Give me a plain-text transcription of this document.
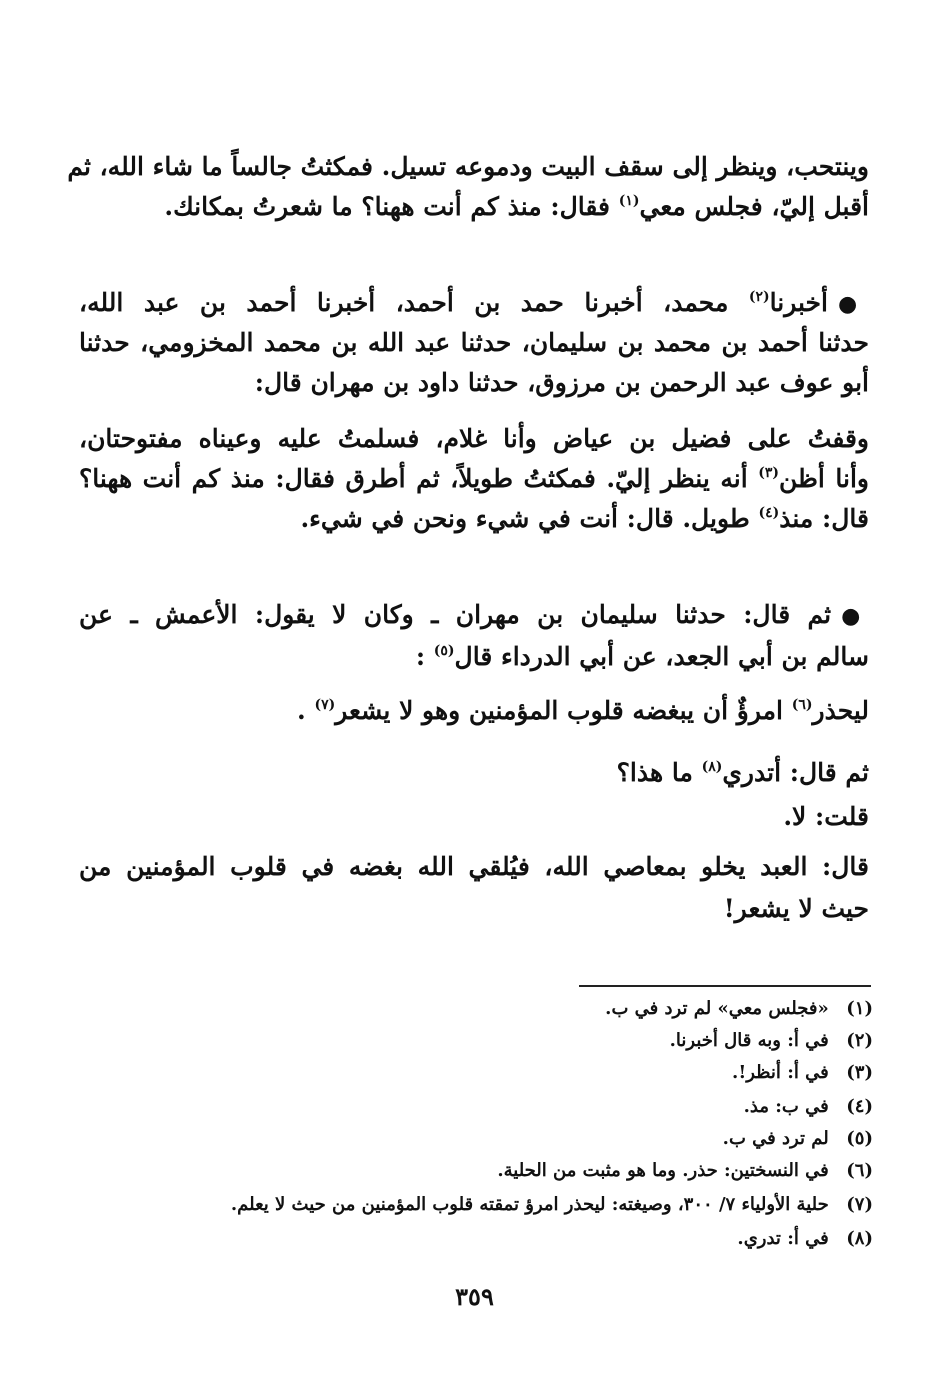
وينتحب، وينظر إلى سقف البيت ودموعه تسيل. فمكثتُ جالساً ما شاء الله، ثم
أقبل إليّ، فجلس معي$^{(١)}$ فقال: منذ كم أنت ههنا؟ ما شعرتُ بمكانك.
●أخبرنا$^{(٢)}$ محمد، أخبرنا حمد بن أحمد، أخبرنا أحمد بن عبد الله،
حدثنا أحمد بن محمد بن سليمان، حدثنا عبد الله بن محمد المخزومي، حدثنا
أبو عوف عبد الرحمن بن مرزوق، حدثنا داود بن مهران قال:
وقفتُ على فضيل بن عياض وأنا غلام، فسلمتُ عليه وعيناه مفتوحتان،
وأنا أظن$^{(٣)}$ أنه ينظر إليّ. فمكثتُ طويلاً، ثم أطرق فقال: منذ كم أنت ههنا؟
قال: منذ$^{(٤)}$ طويل. قال: أنت في شيء ونحن في شيء.
●ثم قال: حدثنا سليمان بن مهران ـ وكان لا يقول: الأعمش ـ عن
سالم بن أبي الجعد، عن أبي الدرداء قال$^{(٥)}$ :
ليحذر$^{(٦)}$ امرؤٌ أن يبغضه قلوب المؤمنين وهو لا يشعر$^{(٧)}$ .
ثم قال: أتدري$^{(٨)}$ ما هذا؟
قلت: لا.
قال: العبد يخلو بمعاصي الله، فيُلقي الله بغضه في قلوب المؤمنين من
حيث لا يشعر!
(١) «فجلس معي» لم ترد في ب.
(٢) في أ: وبه قال أخبرنا.
(٣) في أ: أنظر!.
(٤) في ب: مذ.
(٥) لم ترد في ب.
(٦) في النسختين: حذر. وما هو مثبت من الحلية.
(٧) حلية الأولياء ٧/ ٣٠٠، وصيغته: ليحذر امرؤ تمقته قلوب المؤمنين من حيث لا يعلم.
(٨) في أ: تدري.
٣٥٩
